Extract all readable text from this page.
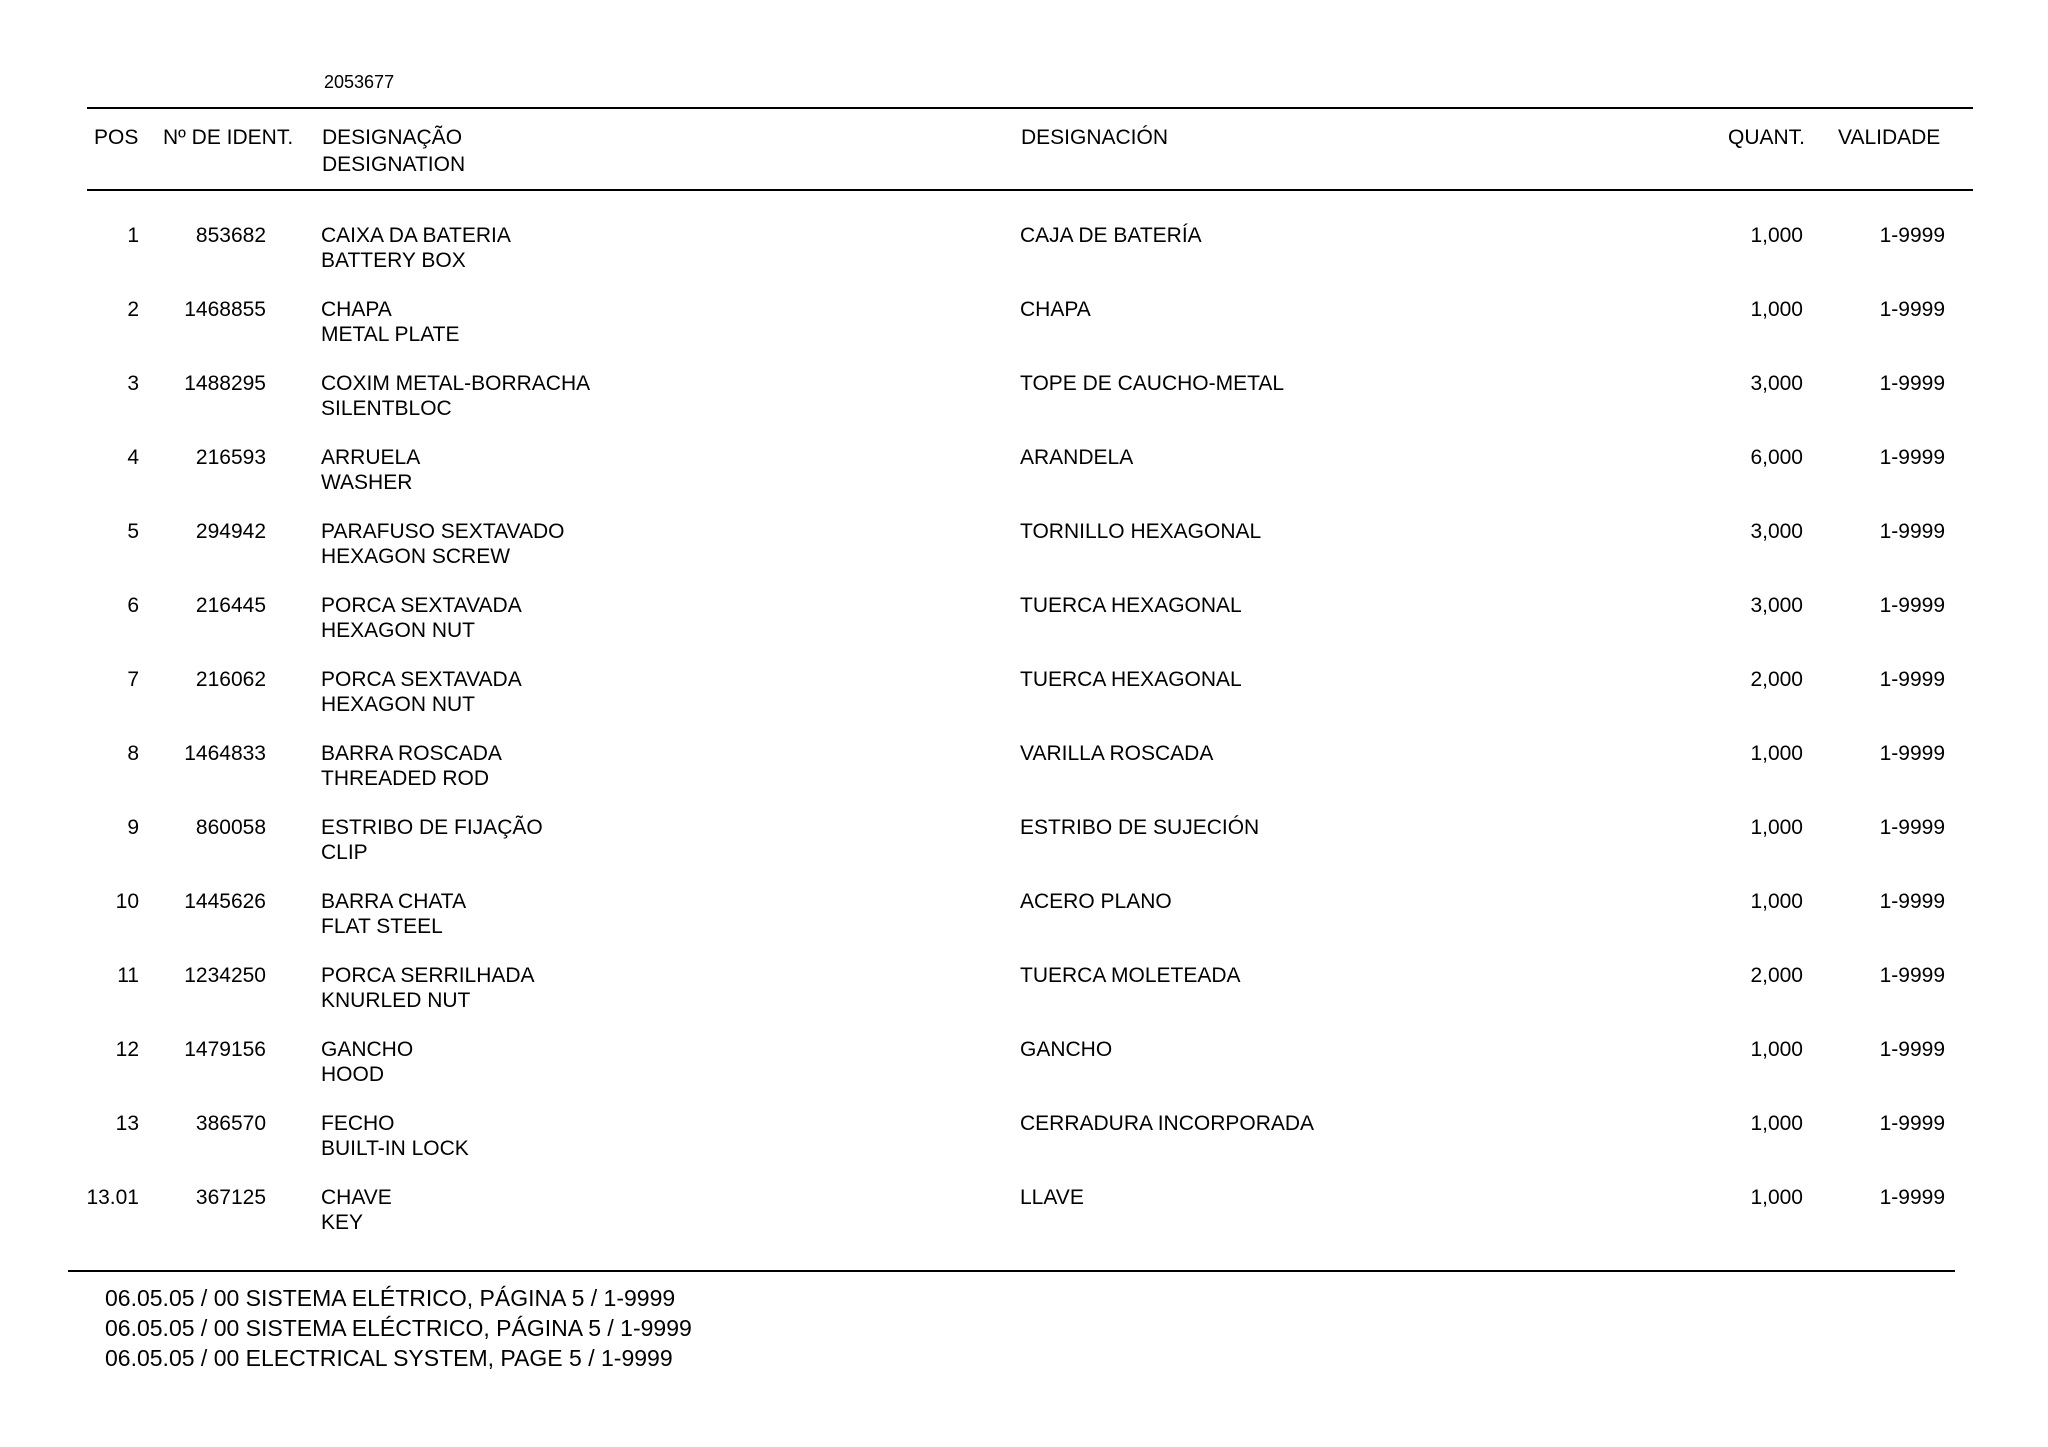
2053677
POS Nº DE IDENT. DESIGNAÇÃO
DESIGNATION
DESIGNACIÓN	QUANT. VALIDADE
1	853682	CAIXA DA BATERIA
BATTERY BOX
CAJA DE BATERÍA	1,000	1-9999
2	1468855	CHAPA
METAL PLATE
CHAPA	1,000	1-9999
3	1488295	COXIM METAL-BORRACHA
SILENTBLOC
TOPE DE CAUCHO-METAL	3,000	1-9999
4	216593	ARRUELA
WASHER
ARANDELA	6,000	1-9999
5	294942	PARAFUSO SEXTAVADO
HEXAGON SCREW
TORNILLO HEXAGONAL	3,000	1-9999
6	216445	PORCA SEXTAVADA
HEXAGON NUT
TUERCA HEXAGONAL	3,000	1-9999
7	216062	PORCA SEXTAVADA
HEXAGON NUT
TUERCA HEXAGONAL	2,000	1-9999
8	1464833	BARRA ROSCADA
THREADED ROD
VARILLA ROSCADA	1,000	1-9999
9	860058	ESTRIBO DE FIJAÇÃO
CLIP
ESTRIBO DE SUJECIÓN	1,000	1-9999
10	1445626	BARRA CHATA
FLAT STEEL
ACERO PLANO	1,000	1-9999
11	1234250	PORCA SERRILHADA
KNURLED NUT
TUERCA MOLETEADA	2,000	1-9999
12	1479156	GANCHO
HOOD
GANCHO	1,000	1-9999
13	386570	FECHO
BUILT-IN LOCK
CERRADURA INCORPORADA	1,000	1-9999
13.01	367125	CHAVE
KEY
LLAVE	1,000	1-9999
06.05.05 / 00 SISTEMA ELÉTRICO, PÁGINA 5 / 1-9999
06.05.05 / 00 SISTEMA ELÉCTRICO, PÁGINA 5 / 1-9999
06.05.05 / 00 ELECTRICAL SYSTEM, PAGE 5 / 1-9999
